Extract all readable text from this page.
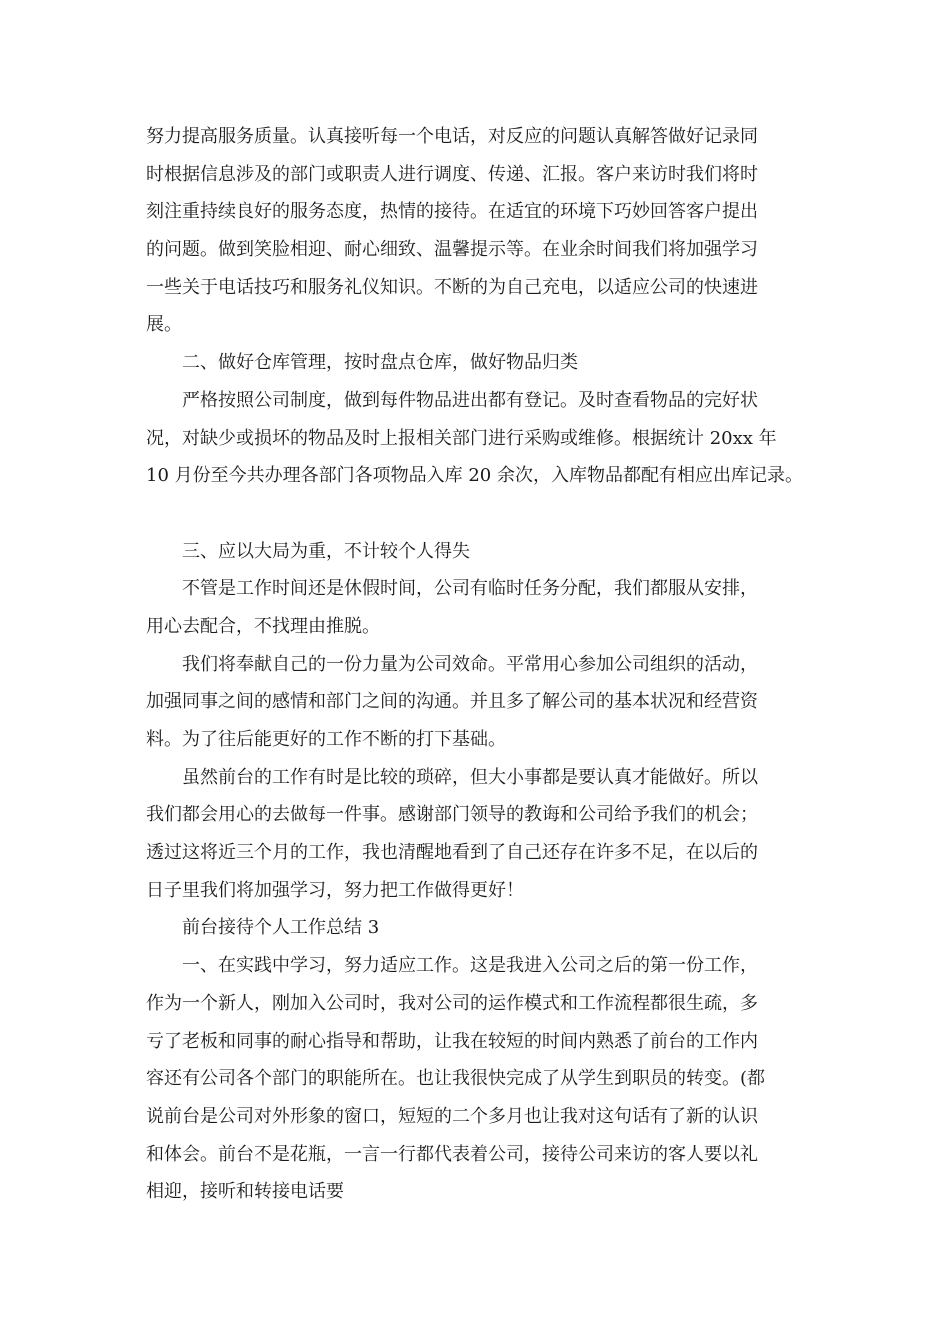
努力提高服务质量。认真接听每一个电话，对反应的问题认真解答做好记录同
时根据信息涉及的部门或职责人进行调度、传递、汇报。客户来访时我们将时
刻注重持续良好的服务态度，热情的接待。在适宜的环境下巧妙回答客户提出
的问题。做到笑脸相迎、耐心细致、温馨提示等。在业余时间我们将加强学习
一些关于电话技巧和服务礼仪知识。不断的为自己充电，以适应公司的快速进
展。
二、做好仓库管理，按时盘点仓库，做好物品归类
严格按照公司制度，做到每件物品进出都有登记。及时查看物品的完好状
况，对缺少或损坏的物品及时上报相关部门进行采购或维修。根据统计 20xx 年
10 月份至今共办理各部门各项物品入库 20 余次，入库物品都配有相应出库记录。
三、应以大局为重，不计较个人得失
不管是工作时间还是休假时间，公司有临时任务分配，我们都服从安排，
用心去配合，不找理由推脱。
我们将奉献自己的一份力量为公司效命。平常用心参加公司组织的活动，
加强同事之间的感情和部门之间的沟通。并且多了解公司的基本状况和经营资
料。为了往后能更好的工作不断的打下基础。
虽然前台的工作有时是比较的琐碎，但大小事都是要认真才能做好。所以
我们都会用心的去做每一件事。感谢部门领导的教诲和公司给予我们的机会；
透过这将近三个月的工作，我也清醒地看到了自己还存在许多不足，在以后的
日子里我们将加强学习，努力把工作做得更好！
前台接待个人工作总结 3
一、在实践中学习，努力适应工作。这是我进入公司之后的第一份工作，
作为一个新人，刚加入公司时，我对公司的运作模式和工作流程都很生疏，多
亏了老板和同事的耐心指导和帮助，让我在较短的时间内熟悉了前台的工作内
容还有公司各个部门的职能所在。也让我很快完成了从学生到职员的转变。(都
说前台是公司对外形象的窗口，短短的二个多月也让我对这句话有了新的认识
和体会。前台不是花瓶，一言一行都代表着公司，接待公司来访的客人要以礼
相迎，接听和转接电话要
